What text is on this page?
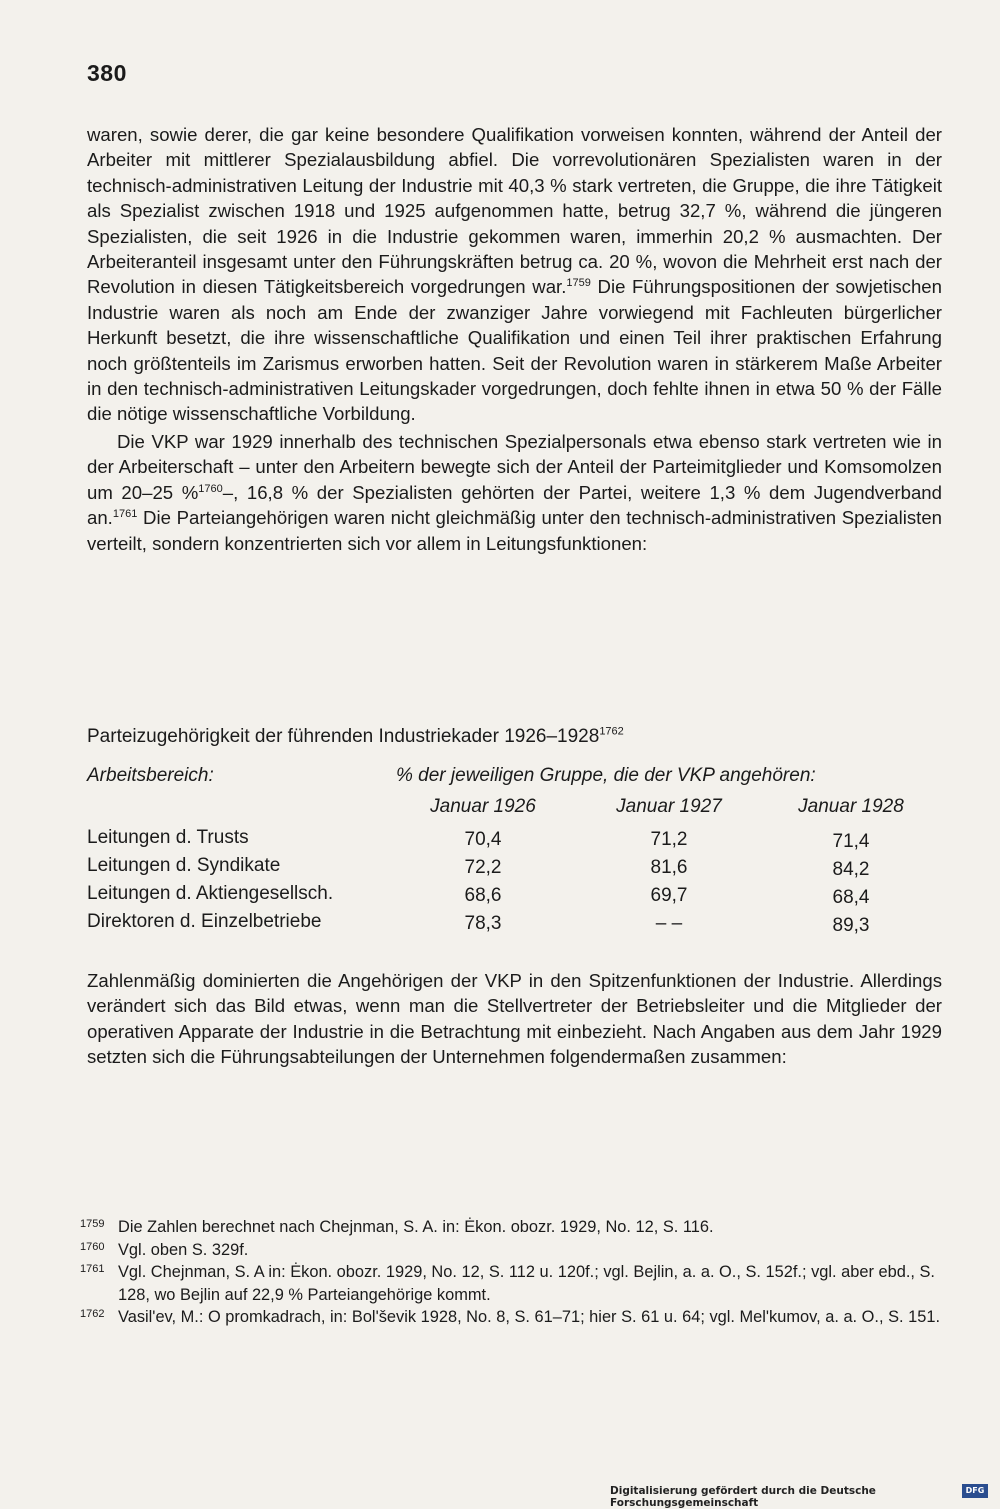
380

waren, sowie derer, die gar keine besondere Qualifikation vorweisen konnten, während der Anteil der Arbeiter mit mittlerer Spezialausbildung abfiel. Die vorrevolutionären Spezialisten waren in der technisch-administrativen Leitung der Industrie mit 40,3 % stark vertreten, die Gruppe, die ihre Tätigkeit als Spezialist zwischen 1918 und 1925 aufgenommen hatte, betrug 32,7 %, während die jüngeren Spezialisten, die seit 1926 in die Industrie gekommen waren, immerhin 20,2 % ausmachten. Der Arbeiteranteil insgesamt unter den Führungskräften betrug ca. 20 %, wovon die Mehrheit erst nach der Revolution in diesen Tätigkeitsbereich vorgedrungen war.$^{1759}$ Die Führungspositionen der sowjetischen Industrie waren als noch am Ende der zwanziger Jahre vorwiegend mit Fachleuten bürgerlicher Herkunft besetzt, die ihre wissenschaftliche Qualifikation und einen Teil ihrer praktischen Erfahrung noch größtenteils im Zarismus erworben hatten. Seit der Revolution waren in stärkerem Maße Arbeiter in den technisch-administrativen Leitungskader vorgedrungen, doch fehlte ihnen in etwa 50 % der Fälle die nötige wissenschaftliche Vorbildung.

Die VKP war 1929 innerhalb des technischen Spezialpersonals etwa ebenso stark vertreten wie in der Arbeiterschaft – unter den Arbeitern bewegte sich der Anteil der Parteimitglieder und Komsomolzen um 20–25 %$^{1760}$–, 16,8 % der Spezialisten gehörten der Partei, weitere 1,3 % dem Jugendverband an.$^{1761}$ Die Parteiangehörigen waren nicht gleichmäßig unter den technisch-administrativen Spezialisten verteilt, sondern konzentrierten sich vor allem in Leitungsfunktionen:

Parteizugehörigkeit der führenden Industriekader $1926-1928^{1762}$
Arbeitsbereich:	% der jeweiligen Gruppe, die der VKP angehören:
Januar 1926	Januar 1927	Januar 1928
Leitungen d. Trusts	70,4	71,2	71,4
Leitungen d. Syndikate	72,2	81,6	84,2
Leitungen d. Aktiengesellsch.	68,6	69,7	68,4
Direktoren d. Einzelbetriebe	78,3	– –	89,3
Zahlenmäßig dominierten die Angehörigen der VKP in den Spitzenfunktionen der Industrie. Allerdings verändert sich das Bild etwas, wenn man die Stellvertreter der Betriebsleiter und die Mitglieder der operativen Apparate der Industrie in die Betrachtung mit einbezieht. Nach Angaben aus dem Jahr 1929 setzten sich die Führungsabteilungen der Unternehmen folgendermaßen zusammen:
1759 Die Zahlen berechnet nach Chejnman, S. A. in: Ėkon. obozr. 1929, No. 12, S. 116.
1760 Vgl. oben S. 329f.
1761 Vgl. Chejnman, S. A in: Ėkon. obozr. 1929, No. 12, S. 112 u. 120f.; vgl. Bejlin, a. a. O., S. 152f.; vgl. aber ebd., S. 128, wo Bejlin auf 22,9 % Parteiangehörige kommt.
1762 Vasil'ev, M.: O promkadrach, in: Bol'ševik 1928, No. 8, S. 61–71; hier S. 61 u. 64; vgl. Mel'kumov, a. a. O., S. 151.
Digitalisierung gefördert durch die Deutsche Forschungsgemeinschaft
DFG
